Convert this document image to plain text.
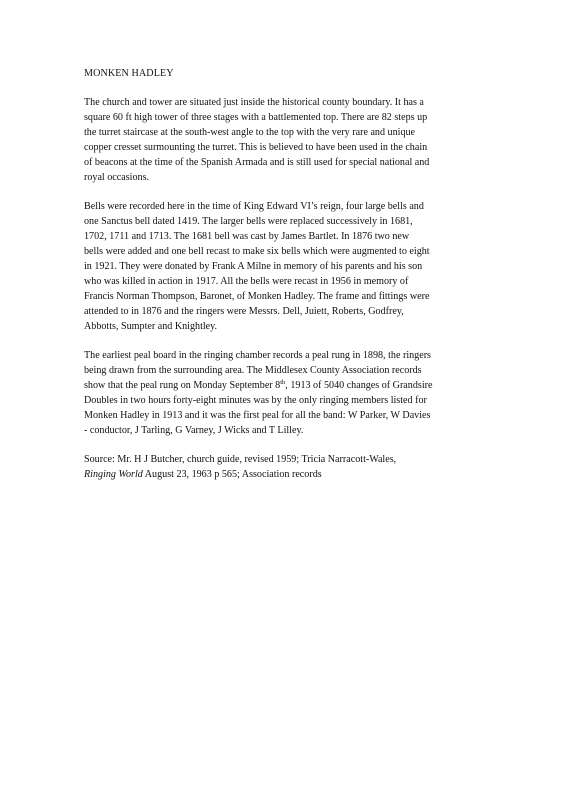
MONKEN HADLEY
The church and tower are situated just inside the historical county boundary. It has a
square 60 ft high tower of three stages with a battlemented top. There are 82 steps up
the turret staircase at the south-west angle to the top with the very rare and unique
copper cresset surmounting the turret. This is believed to have been used in the chain
of beacons at the time of the Spanish Armada and is still used for special national and
royal occasions.
Bells were recorded here in the time of King Edward VI’s reign, four large bells and
one Sanctus bell dated 1419. The larger bells were replaced successively in 1681,
1702, 1711 and 1713. The 1681 bell was cast by James Bartlet. In 1876 two new
bells were added and one bell recast to make six bells which were augmented to eight
in 1921. They were donated by Frank A Milne in memory of his parents and his son
who was killed in action in 1917. All the bells were recast in 1956 in memory of
Francis Norman Thompson, Baronet, of Monken Hadley. The frame and fittings were
attended to in 1876 and the ringers were Messrs. Dell, Juiett, Roberts, Godfrey,
Abbotts, Sumpter and Knightley.
The earliest peal board in the ringing chamber records a peal rung in 1898, the ringers
being drawn from the surrounding area. The Middlesex County Association records
show that the peal rung on Monday September 8th, 1913 of 5040 changes of Grandsire
Doubles in two hours forty-eight minutes was by the only ringing members listed for
Monken Hadley in 1913 and it was the first peal for all the band: W Parker, W Davies
- conductor, J Tarling, G Varney, J Wicks and T Lilley.
Source: Mr. H J Butcher, church guide, revised 1959; Tricia Narracott-Wales,
Ringing World August 23, 1963 p 565; Association records
